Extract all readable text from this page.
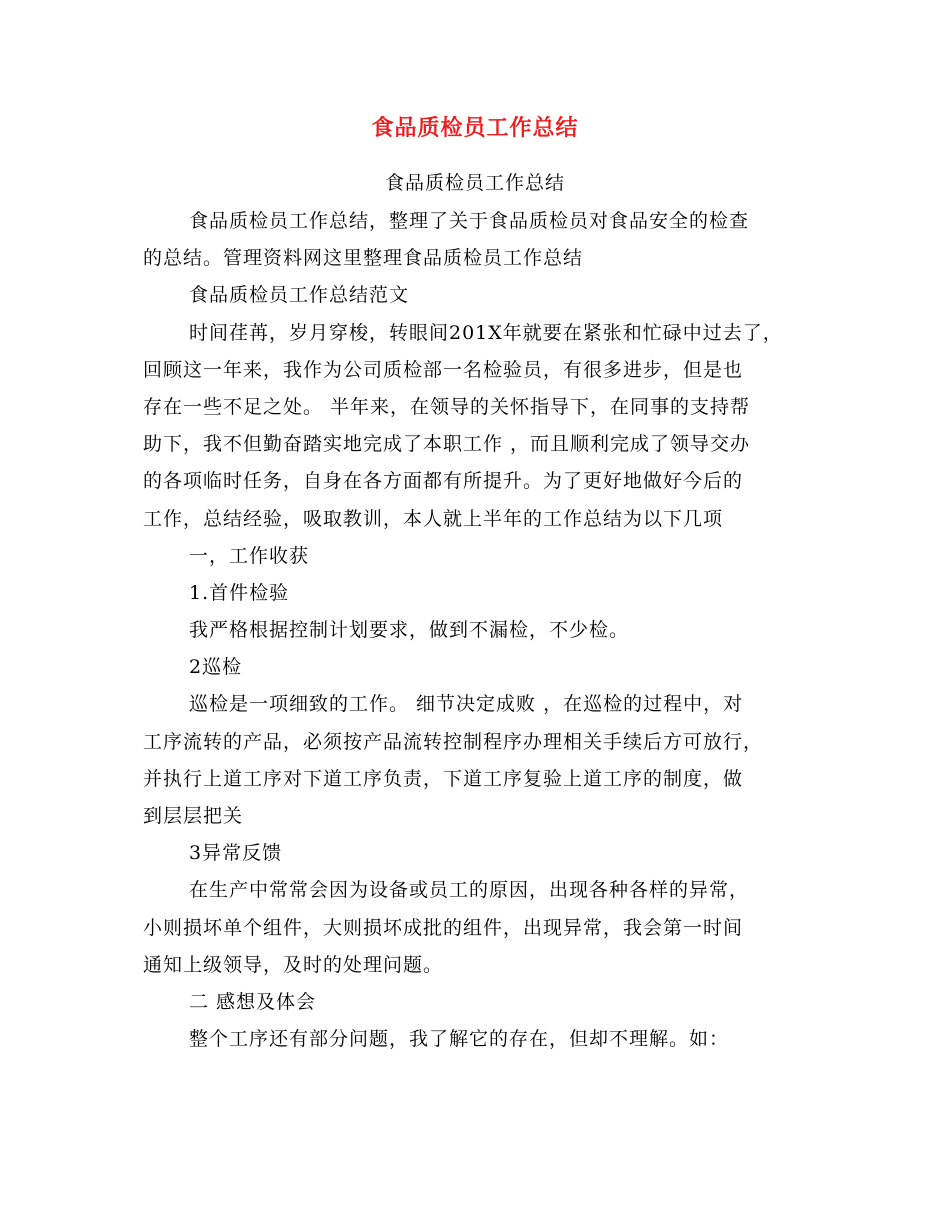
食品质检员工作总结
食品质检员工作总结
食品质检员工作总结，整理了关于食品质检员对食品安全的检查
的总结。管理资料网这里整理食品质检员工作总结
食品质检员工作总结范文
时间荏苒，岁月穿梭，转眼间201X年就要在紧张和忙碌中过去了，
回顾这一年来，我作为公司质检部一名检验员，有很多进步，但是也
存在一些不足之处。 半年来，在领导的关怀指导下，在同事的支持帮
助下，我不但勤奋踏实地完成了本职工作 ，而且顺利完成了领导交办
的各项临时任务，自身在各方面都有所提升。为了更好地做好今后的
工作，总结经验，吸取教训，本人就上半年的工作总结为以下几项
一，工作收获
1.首件检验
我严格根据控制计划要求，做到不漏检，不少检。
2巡检
巡检是一项细致的工作。 细节决定成败 ，在巡检的过程中，对
工序流转的产品，必须按产品流转控制程序办理相关手续后方可放行，
并执行上道工序对下道工序负责，下道工序复验上道工序的制度，做
到层层把关
3异常反馈
在生产中常常会因为设备或员工的原因，出现各种各样的异常，
小则损坏单个组件，大则损坏成批的组件，出现异常，我会第一时间
通知上级领导，及时的处理问题。
二 感想及体会
整个工序还有部分问题，我了解它的存在，但却不理解。如：
